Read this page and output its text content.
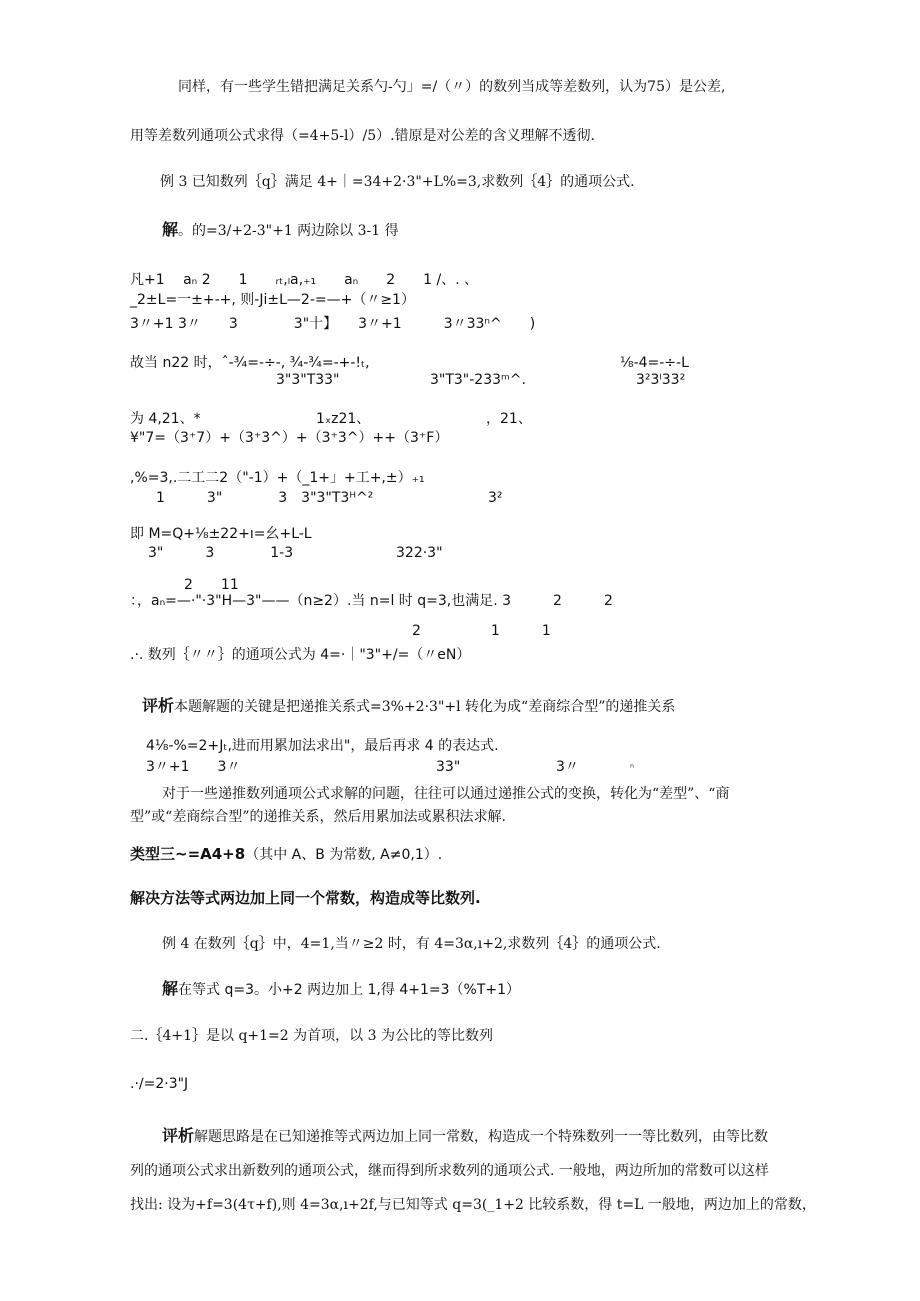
同样，有一些学生错把满足关系勺-勺」=/（〃）的数列当成等差数列，认为75）是公差,
用等差数列通项公式求得（=4+5-l）/5）.错原是对公差的含义理解不透彻.
例 3 已知数列｛q｝满足 4+｜=34+2·3"+L%=3,求数列｛4｝的通项公式.
解。的=3/+2-3"+1 两边除以 3-1 得
凡+1　 aₙ 2　　1　　ᵣₜ,ₗa,₊₁　　aₙ　　2　　1 /、. 、
_2±L=一±+-+, 则-Ji±L—2-=—+（〃≥1）
3〃+1 3〃　　3　　　　3"十】　　3〃+1　　　3〃33ⁿ^　　)
故当 n22 时，ˆ-¾=-÷-, ¾-¾=-+-!ₜ,	⅛-4=-÷-L
3"3"T33"	3"T3"-233ᵐ^.	3²3ˡ33²
为 4,21、*	1ₓz21、	，21、
¥"7=（3⁺7）+（3⁺3^）+（3⁺3^）++（3⁺F）
,%=3,.二工二2（"-1）+（_1+」+工+,±）₊₁
1　　　3"　　　　3　3"3"T3ᴴ^²	3²
即 M=Q+⅛±22+ı=幺+L-L
3"　　　3　　　　1-3	322·3"
2　　11
：，aₙ=—·"·3"H—3"——（n≥2）.当 n=l 时 q=3,也满足. 3　　　2　　　2
2　　　　　1　　　1
.·. 数列｛〃〃｝的通项公式为 4=·｜"3"+/=（〃eN）
评析本题解题的关键是把递推关系式=3%+2·3"+l 转化为成“差商综合型”的递推关系
4⅛-%=2+Jₜ,进而用累加法求出"，最后再求 4 的表达式.
3〃+1　　3〃	33"	3〃	ⁿ
对于一些递推数列通项公式求解的问题，往往可以通过递推公式的变换，转化为“差型”、“商
型”或“差商综合型”的递推关系，然后用累加法或累积法求解.
类型三~=A4+8（其中 A、B 为常数, A≠0,1）.
解决方法等式两边加上同一个常数，构造成等比数列.
例 4 在数列｛q｝中，4=1,当〃≥2 时，有 4=3α,ı+2,求数列｛4｝的通项公式.
解在等式 q=3。小+2 两边加上 1,得 4+1=3（%T+1）
二.｛4+1｝是以 q+1=2 为首项，以 3 为公比的等比数列
.·∕=2·3"J
评析解题思路是在已知递推等式两边加上同一常数，构造成一个特殊数列一一等比数列，由等比数
列的通项公式求出新数列的通项公式，继而得到所求数列的通项公式. 一般地，两边所加的常数可以这样
找出: 设为+f=3(4τ+f),则 4=3α,ı+2f,与已知等式 q=3(_1+2 比较系数，得 t=L 一般地，两边加上的常数，
